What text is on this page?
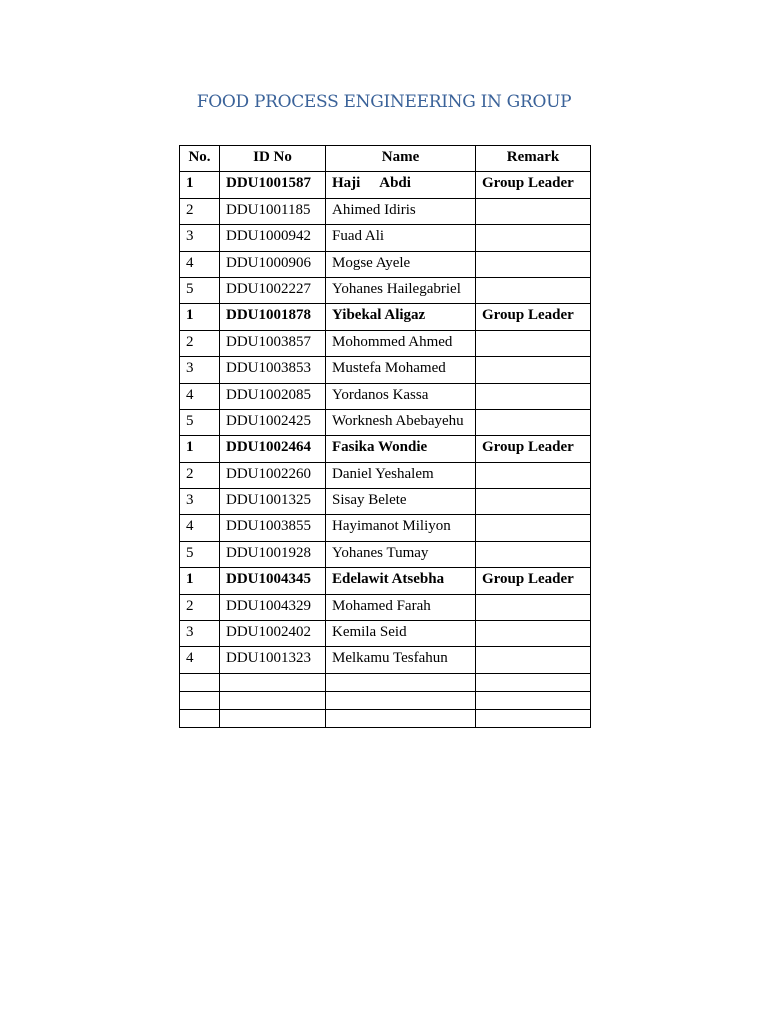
FOOD PROCESS ENGINEERING IN GROUP
No.	ID No	Name	Remark
1	DDU1001587	Haji Abdi	Group Leader
2	DDU1001185	Ahimed Idiris	
3	DDU1000942	Fuad Ali	
4	DDU1000906	Mogse Ayele	
5	DDU1002227	Yohanes Hailegabriel	
1	DDU1001878	Yibekal Aligaz	Group Leader
2	DDU1003857	Mohommed Ahmed	
3	DDU1003853	Mustefa Mohamed	
4	DDU1002085	Yordanos Kassa	
5	DDU1002425	Worknesh Abebayehu	
1	DDU1002464	Fasika Wondie	Group Leader
2	DDU1002260	Daniel Yeshalem	
3	DDU1001325	Sisay Belete	
4	DDU1003855	Hayimanot Miliyon	
5	DDU1001928	Yohanes Tumay	
1	DDU1004345	Edelawit Atsebha	Group Leader
2	DDU1004329	Mohamed Farah	
3	DDU1002402	Kemila Seid	
4	DDU1001323	Melkamu Tesfahun	
